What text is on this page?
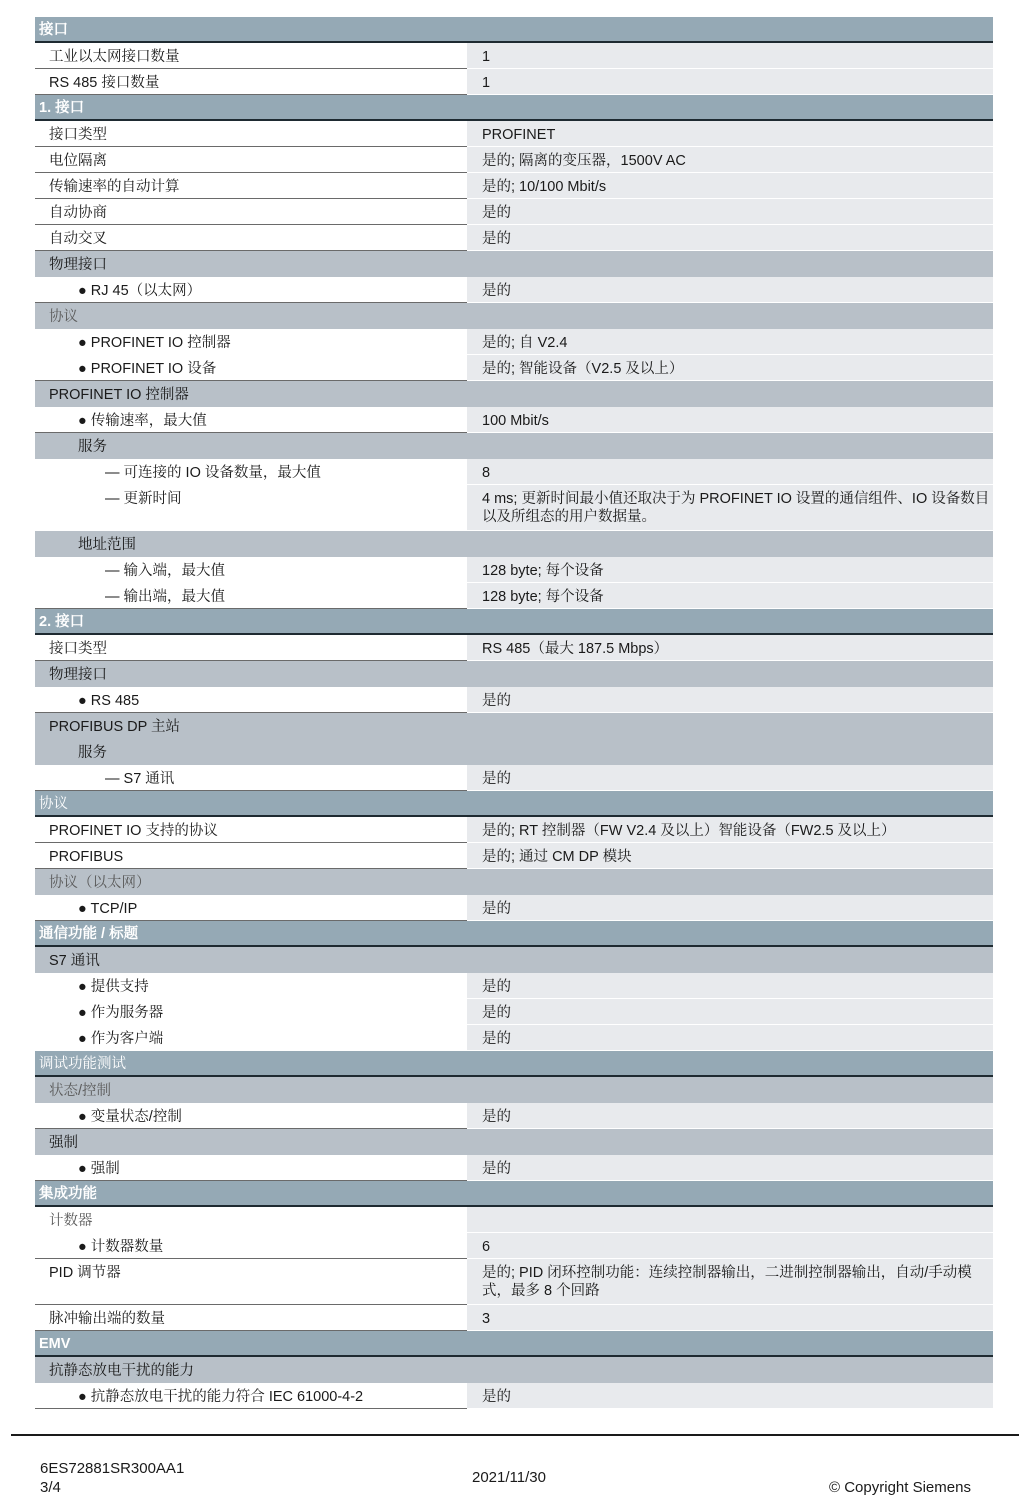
接口
工业以太网接口数量	1
RS 485 接口数量	1
1. 接口
接口类型	PROFINET
电位隔离	是的; 隔离的变压器，1500V AC
传输速率的自动计算	是的; 10/100 Mbit/s
自动协商	是的
自动交叉	是的
物理接口
● RJ 45（以太网）	是的
协议
● PROFINET IO 控制器	是的; 自 V2.4
● PROFINET IO 设备	是的; 智能设备（V2.5 及以上）
PROFINET IO 控制器
● 传输速率，最大值	100 Mbit/s
服务
— 可连接的 IO 设备数量，最大值	8
— 更新时间	4 ms; 更新时间最小值还取决于为 PROFINET IO 设置的通信组件、IO 设备数目以及所组态的用户数据量。
地址范围
— 输入端，最大值	128 byte; 每个设备
— 输出端，最大值	128 byte; 每个设备
2. 接口
接口类型	RS 485（最大 187.5 Mbps）
物理接口
● RS 485	是的
PROFIBUS DP 主站
服务
— S7 通讯	是的
协议
PROFINET IO 支持的协议	是的; RT 控制器（FW V2.4 及以上）智能设备（FW2.5 及以上）
PROFIBUS	是的; 通过 CM DP 模块
协议（以太网）
● TCP/IP	是的
通信功能 / 标题
S7 通讯
● 提供支持	是的
● 作为服务器	是的
● 作为客户端	是的
调试功能测试
状态/控制
● 变量状态/控制	是的
强制
● 强制	是的
集成功能
计数器
● 计数器数量	6
PID 调节器	是的; PID 闭环控制功能：连续控制器输出，二进制控制器输出，自动/手动模式，最多 8 个回路
脉冲输出端的数量	3
EMV
抗静态放电干扰的能力
● 抗静态放电干扰的能力符合 IEC 61000-4-2	是的
6ES72881SR300AA1
3/4
2021/11/30
© Copyright Siemens
